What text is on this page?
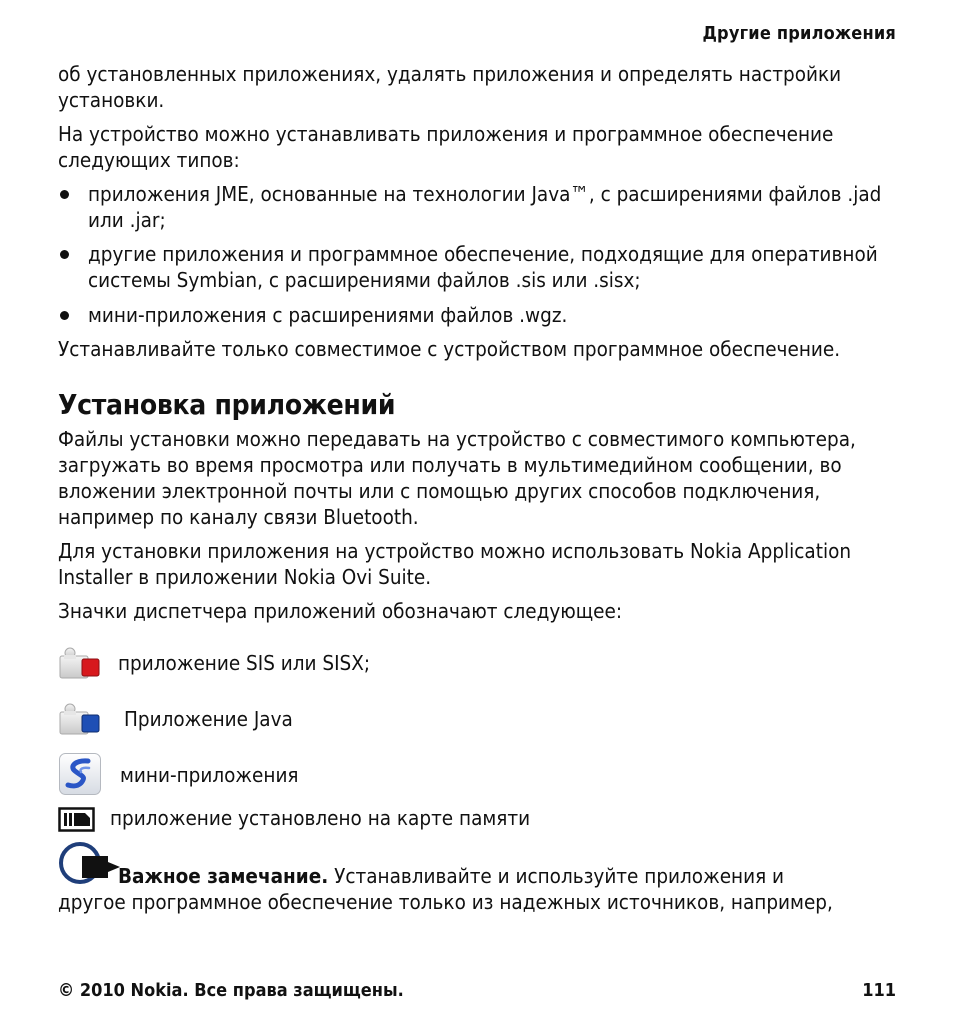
Другие приложения

об установленных приложениях, удалять приложения и определять настройки установки.

На устройство можно устанавливать приложения и программное обеспечение следующих типов:

приложения JME, основанные на технологии Java™, с расширениями файлов .jad или .jar;
другие приложения и программное обеспечение, подходящие для оперативной системы Symbian, с расширениями файлов .sis или .sisx;
мини-приложения с расширениями файлов .wgz.

Устанавливайте только совместимое с устройством программное обеспечение.

Установка приложений

Файлы установки можно передавать на устройство с совместимого компьютера, загружать во время просмотра или получать в мультимедийном сообщении, во вложении электронной почты или с помощью других способов подключения, например по каналу связи Bluetooth.

Для установки приложения на устройство можно использовать Nokia Application Installer в приложении Nokia Ovi Suite.

Значки диспетчера приложений обозначают следующее:

приложение SIS или SISX;
Приложение Java
мини-приложения
приложение установлено на карте памяти
Важное замечание. Устанавливайте и используйте приложения и
другое программное обеспечение только из надежных источников, например,
© 2010 Nokia. Все права защищены.	111
